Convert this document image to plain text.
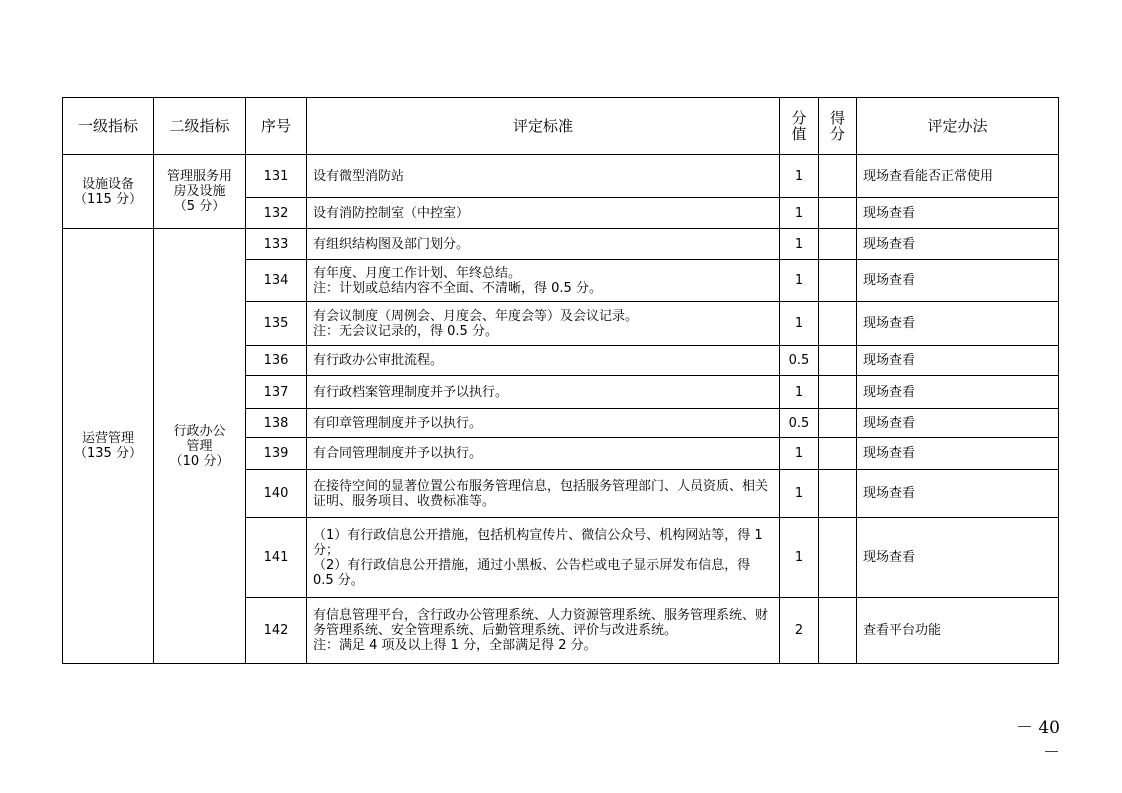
一级指标	二级指标	序号	评定标准	分值	得分	评定办法
设施设备
（115 分）	管理服务用
房及设施
（5 分）	131	设有微型消防站	1		现场查看能否正常使用
		132	设有消防控制室（中控室）	1		现场查看
运营管理
（135 分）	行政办公
管理
（10 分）	133	有组织结构图及部门划分。	1		现场查看
		134	有年度、月度工作计划、年终总结。
注：计划或总结内容不全面、不清晰，得 0.5 分。	1		现场查看
		135	有会议制度（周例会、月度会、年度会等）及会议记录。
注：无会议记录的，得 0.5 分。	1		现场查看
		136	有行政办公审批流程。	0.5		现场查看
		137	有行政档案管理制度并予以执行。	1		现场查看
		138	有印章管理制度并予以执行。	0.5		现场查看
		139	有合同管理制度并予以执行。	1		现场查看
		140	在接待空间的显著位置公布服务管理信息，包括服务管理部门、人员资质、相关证明、服务项目、收费标准等。	1		现场查看
		141	（1）有行政信息公开措施，包括机构宣传片、微信公众号、机构网站等，得 1 分；
（2）有行政信息公开措施，通过小黑板、公告栏或电子显示屏发布信息，得 0.5 分。	1		现场查看
		142	有信息管理平台，含行政办公管理系统、人力资源管理系统、服务管理系统、财务管理系统、安全管理系统、后勤管理系统、评价与改进系统。
注：满足 4 项及以上得 1 分，全部满足得 2 分。	2		查看平台功能
－ 40 －
